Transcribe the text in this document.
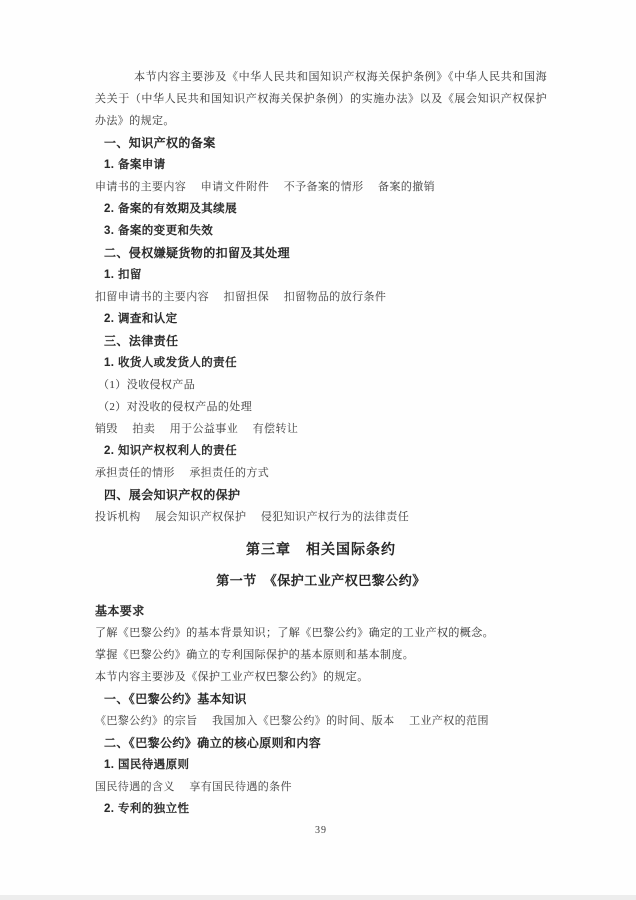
本节内容主要涉及《中华人民共和国知识产权海关保护条例》《中华人民共和国海关关于（中华人民共和国知识产权海关保护条例）的实施办法》以及《展会知识产权保护办法》的规定。
一、知识产权的备案
1. 备案申请
申请书的主要内容　 申请文件附件　 不予备案的情形　 备案的撤销
2. 备案的有效期及其续展
3. 备案的变更和失效
二、侵权嫌疑货物的扣留及其处理
1. 扣留
扣留申请书的主要内容　 扣留担保　 扣留物品的放行条件
2. 调查和认定
三、法律责任
1. 收货人或发货人的责任
（1）没收侵权产品
（2）对没收的侵权产品的处理
销毁　 拍卖　 用于公益事业　 有偿转让
2. 知识产权权利人的责任
承担责任的情形　 承担责任的方式
四、展会知识产权的保护
投诉机构　 展会知识产权保护　 侵犯知识产权行为的法律责任
第三章　相关国际条约
第一节　《保护工业产权巴黎公约》
基本要求
了解《巴黎公约》的基本背景知识；了解《巴黎公约》确定的工业产权的概念。
掌握《巴黎公约》确立的专利国际保护的基本原则和基本制度。
本节内容主要涉及《保护工业产权巴黎公约》的规定。
一、《巴黎公约》基本知识
《巴黎公约》的宗旨　 我国加入《巴黎公约》的时间、版本　 工业产权的范围
二、《巴黎公约》确立的核心原则和内容
1. 国民待遇原则
国民待遇的含义　 享有国民待遇的条件
2. 专利的独立性
39
